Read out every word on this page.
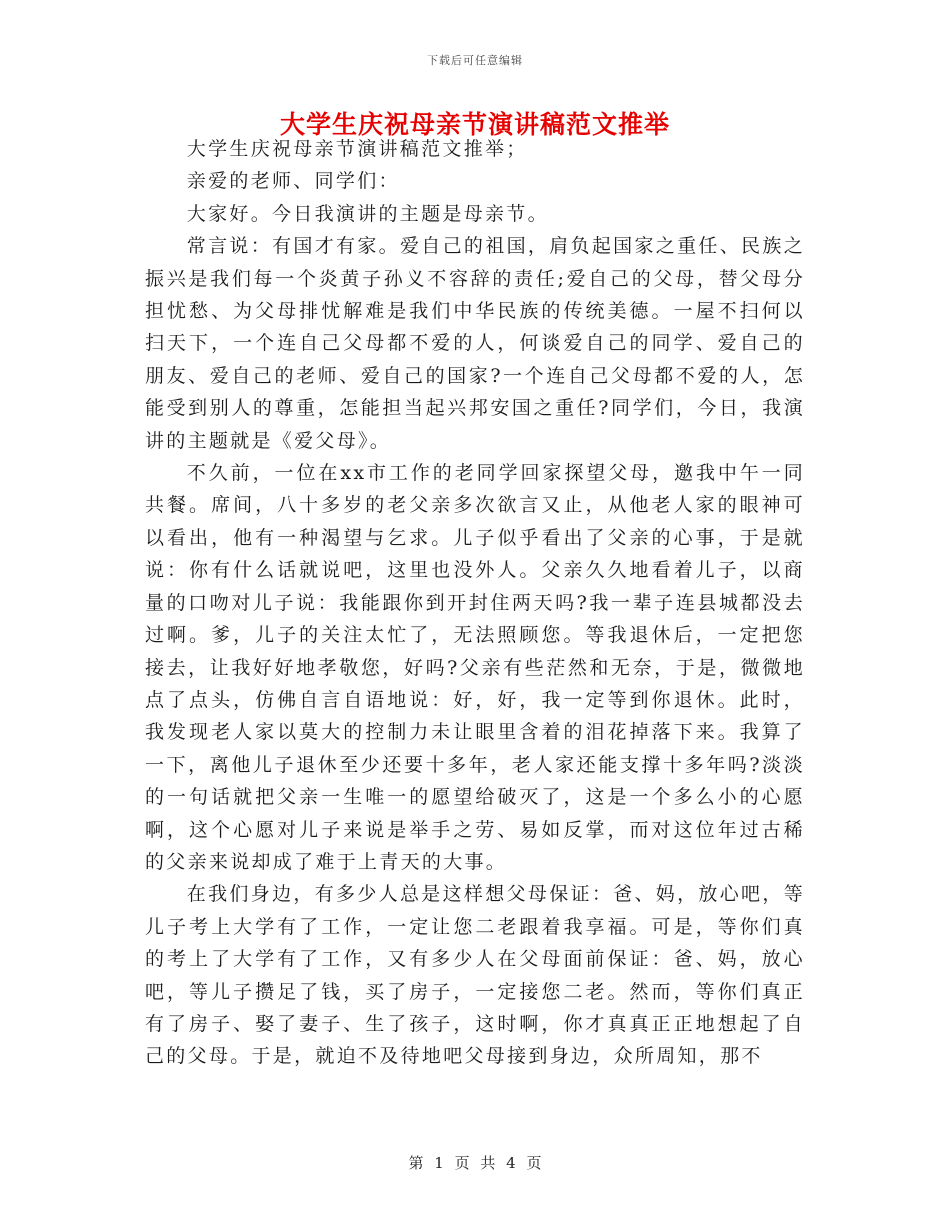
下载后可任意编辑
大学生庆祝母亲节演讲稿范文推举

大学生庆祝母亲节演讲稿范文推举；

亲爱的老师、同学们：

大家好。今日我演讲的主题是母亲节。

常言说：有国才有家。爱自己的祖国，肩负起国家之重任、民族之振兴是我们每一个炎黄子孙义不容辞的责任;爱自己的父母，替父母分担忧愁、为父母排忧解难是我们中华民族的传统美德。一屋不扫何以扫天下，一个连自己父母都不爱的人，何谈爱自己的同学、爱自己的朋友、爱自己的老师、爱自己的国家?一个连自己父母都不爱的人，怎能受到别人的尊重，怎能担当起兴邦安国之重任?同学们，今日，我演讲的主题就是《爱父母》。

不久前，一位在xx市工作的老同学回家探望父母，邀我中午一同共餐。席间，八十多岁的老父亲多次欲言又止，从他老人家的眼神可以看出，他有一种渴望与乞求。儿子似乎看出了父亲的心事，于是就说：你有什么话就说吧，这里也没外人。父亲久久地看着儿子，以商量的口吻对儿子说：我能跟你到开封住两天吗?我一辈子连县城都没去过啊。爹，儿子的关注太忙了，无法照顾您。等我退休后，一定把您接去，让我好好地孝敬您，好吗?父亲有些茫然和无奈，于是，微微地点了点头，仿佛自言自语地说：好，好，我一定等到你退休。此时，我发现老人家以莫大的控制力未让眼里含着的泪花掉落下来。我算了一下，离他儿子退休至少还要十多年，老人家还能支撑十多年吗?淡淡的一句话就把父亲一生唯一的愿望给破灭了，这是一个多么小的心愿啊，这个心愿对儿子来说是举手之劳、易如反掌，而对这位年过古稀的父亲来说却成了难于上青天的大事。

在我们身边，有多少人总是这样想父母保证：爸、妈，放心吧，等儿子考上大学有了工作，一定让您二老跟着我享福。可是，等你们真的考上了大学有了工作，又有多少人在父母面前保证：爸、妈，放心吧，等儿子攒足了钱，买了房子，一定接您二老。然而，等你们真正有了房子、娶了妻子、生了孩子，这时啊，你才真真正正地想起了自己的父母。于是，就迫不及待地吧父母接到身边，众所周知，那不

第 1 页 共 4 页
